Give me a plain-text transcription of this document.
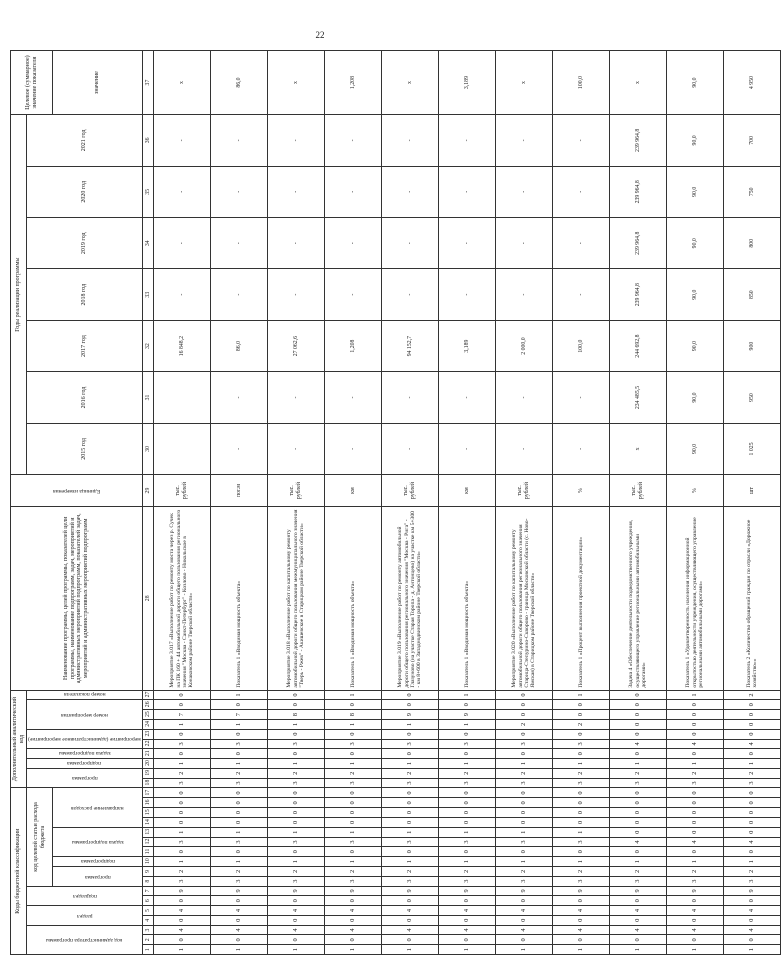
22
Коды бюджетной классификации																	Дополнительный аналитический код										Наименование программы, целей программы, показателей цели программы, наименование подпрограмм, задач, мероприятий и административных мероприятий подпрограмм, показателей задач, мероприятий и административных мероприятий подпрограмм	Единица измерения	Годы реализации программы							Целевое (суммарное) значение показателя

код администратора программы			раздел		подраздел		код целевой статьи расхода бюджета										программа		подпрограмма	задача подпрограммы	мероприятие (административное мероприятие)		номер мероприятия			номер показателя			2015 год	2016 год	2017 год	2018 год	2019 год	2020 год	2021 год	

							программа		подпрограмма	задача подпрограммы			направление расходов																							значение
1	2	3	4	5	6	7	8	9	10	11	12	13	14	15	16	17	18	19	20	21	22	23	24	25	26	27	28	29	30	31	32	33	34	35	36	37
1	0	4	0	4	0	9	3	2	1	0	3	1	0	0	0	0	3	2	1	0	3	0	1	7	0	0	Мероприятие 3.017 «Выполнение работ по ремонту моста через р. Сучек на ПК 160 + 44 автомобильной дороги общего пользования регионального значения "Москва - Санкт-Петербург" - Козлово - Никольское в Конаковском районе Тверской области»	тыс. рублей			16 848,2	-	-	-	-	х
1	0	4	0	4	0	9	3	2	1	0	3	1	0	0	0	0	3	2	1	0	3	0	1	7	0	1	Показатель 1 «Вводимая мощность объекта»	пог.м	-	-	86,0	-	-	-	-	86,0
1	0	4	0	4	0	9	3	2	1	0	3	1	0	0	0	0	3	2	1	0	3	0	1	8	0	0	Мероприятие 3.018 «Выполнение работ по капитальному ремонту автомобильной дороги общего пользования межмуниципального значения "Тверь - Ржев" - Акишевское в Старицком районе Тверской области»	тыс. рублей	-	-	27 062,6	-	-	-	-	х
1	0	4	0	4	0	9	3	2	1	0	3	1	0	0	0	0	3	2	1	0	3	0	1	8	0	1	Показатель 1 «Вводимая мощность объекта»	км	-	-	1,208	-	-	-	-	1,208
1	0	4	0	4	0	9	3	2	1	0	3	1	0	0	0	0	3	2	1	0	3	0	1	9	0	0	Мероприятие 3.019 «Выполнение работ по ремонту автомобильной дороги общего пользования регионального значения "Москва - Рига" - Глазуново (на участке Старая Торопа - д. Антонцево) на участке км 5+300 - км 8+600 в Западнодвинском районе Тверской области»	тыс. рублей	-	-	94 152,7	-	-	-	-	х
1	0	4	0	4	0	9	3	2	1	0	3	1	0	0	0	0	3	2	1	0	3	0	1	9	0	1	Показатель 1 «Вводимая мощность объекта»	км	-	-	3,189	-	-	-	-	3,189
1	0	4	0	4	0	9	3	2	1	0	3	1	0	0	0	0	3	2	1	0	3	0	2	0	0	0	Мероприятие 3.020 «Выполнение работ по капитальному ремонту автомобильной дороги общего пользования регионального значения Старица-Степурино-Скворово - граница Московской области (с. Ново-Ямская) в Старицком районе Тверской области»	тыс. рублей	-	-	2 000,0	-	-	-	-	х
1	0	4	0	4	0	9	3	2	1	0	3	1	0	0	0	0	3	2	1	0	3	0	2	0	0	1	Показатель 1 «Процент выполнения проектной документации»	%	-	-	100,0	-	-	-	-	100,0
1	0	4	0	4	0	9	3	2	1	0	4	0	0	0	0	0	3	2	1	0	4	0	0	0	0	0	Задача 4 «Обеспечение деятельности подведомственного учреждения, осуществляющего управление региональными автомобильными дорогами»	тыс. рублей	х	234 485,5	244 692,8	239 964,8	239 964,8	239 964,8	239 964,8	х
1	0	4	0	4	0	9	3	2	1	0	4	0	0	0	0	0	3	2	1	0	4	0	0	0	0	1	Показатель 1 «Удовлетворенность населения информационной открытостью деятельности учреждения, осуществляющего управление региональными автомобильными дорогами»	%	90,0	90,0	90,0	90,0	90,0	90,0	90,0	90,0
1	0	4	0	4	0	9	3	2	1	0	4	0	0	0	0	0	3	2	1	0	4	0	0	0	0	2	Показатель 2 «Количество обращений граждан по отрасли «Дорожное хозяйство»»	шт	1 025	950	900	850	800	750	700	4 950
